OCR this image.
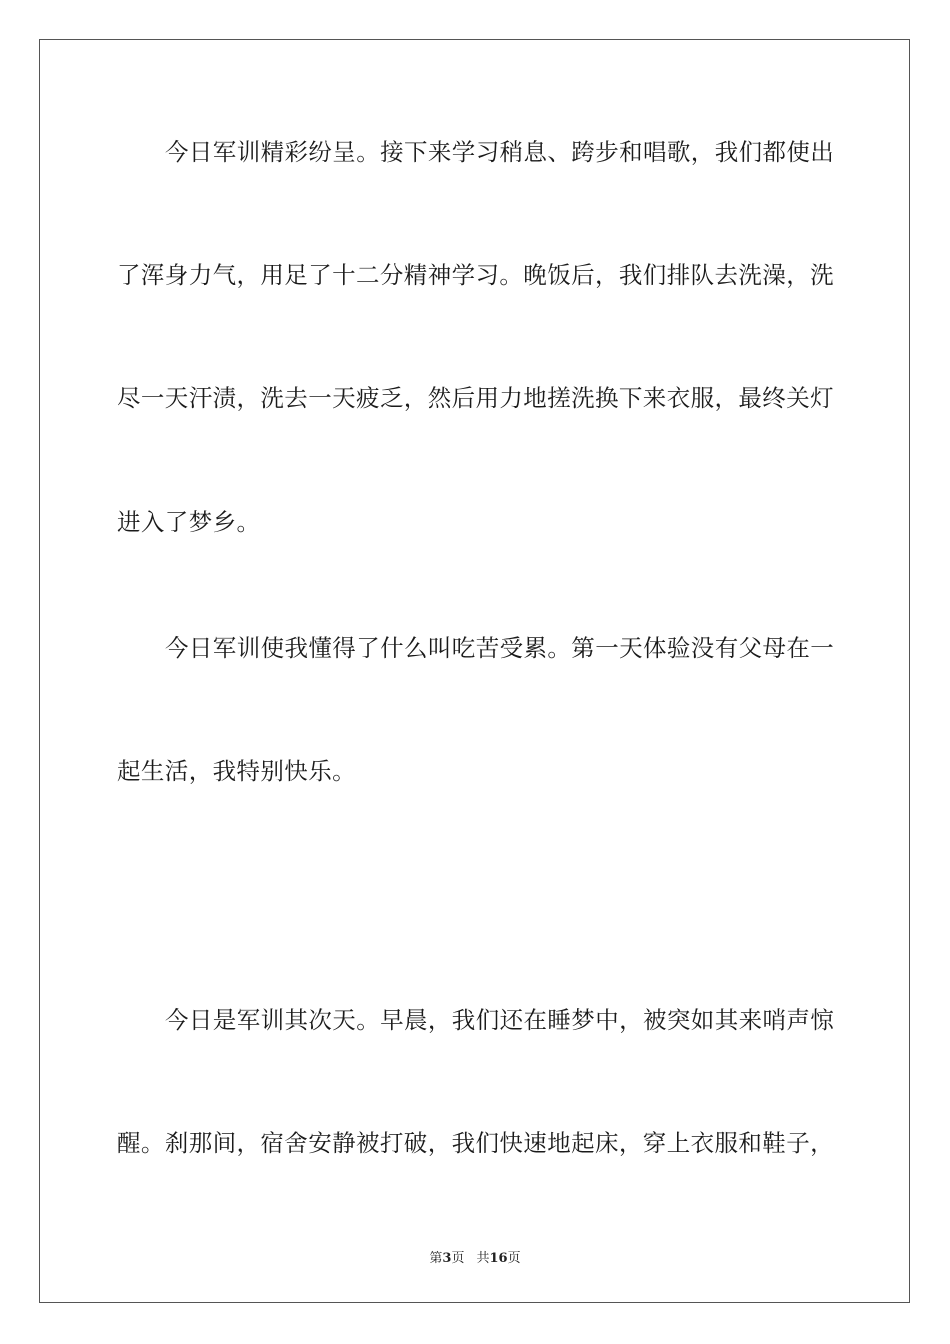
今日军训精彩纷呈。接下来学习稍息、跨步和唱歌，我们都使出
了浑身力气，用足了十二分精神学习。晚饭后，我们排队去洗澡，洗
尽一天汗渍，洗去一天疲乏，然后用力地搓洗换下来衣服，最终关灯
进入了梦乡。
今日军训使我懂得了什么叫吃苦受累。第一天体验没有父母在一
起生活，我特别快乐。
今日是军训其次天。早晨，我们还在睡梦中，被突如其来哨声惊
醒。刹那间，宿舍安静被打破，我们快速地起床，穿上衣服和鞋子，
第3页 共16页
